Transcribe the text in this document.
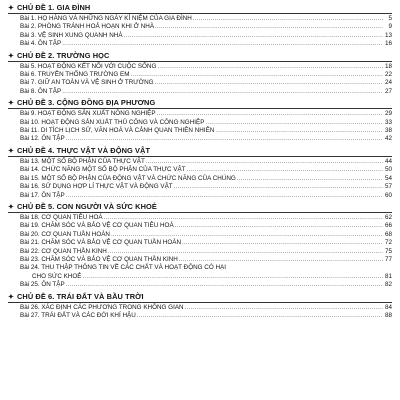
✦ CHỦ ĐỀ 1. GIA ĐÌNH
Bài 1. HỌ HÀNG VÀ NHỮNG NGÀY KỈ NIỆM CỦA GIA ĐÌNH .....	5
Bài 2. PHÒNG TRÁNH HOẢ HOẠN KHI Ở NHÀ .....	9
Bài 3. VỆ SINH XUNG QUANH NHÀ .....	13
Bài 4. ÔN TẬP .....	16
✦ CHỦ ĐỀ 2. TRƯỜNG HỌC
Bài 5. HOẠT ĐỘNG KẾT NỐI VỚI CUỘC SỐNG .....	18
Bài 6. TRUYỀN THỐNG TRƯỜNG EM .....	22
Bài 7. GIỮ AN TOÀN VÀ VỆ SINH Ở TRƯỜNG .....	24
Bài 8. ÔN TẬP .....	27
✦ CHỦ ĐỀ 3. CỘNG ĐỒNG ĐỊA PHƯƠNG
Bài 9. HOẠT ĐỘNG SẢN XUẤT NÔNG NGHIỆP .....	29
Bài 10. HOẠT ĐỘNG SẢN XUẤT THỦ CÔNG VÀ CÔNG NGHIỆP .....	33
Bài 11. DI TÍCH LỊCH SỬ, VĂN HOÁ VÀ CẢNH QUAN THIÊN NHIÊN .....	38
Bài 12. ÔN TẬP .....	42
✦ CHỦ ĐỀ 4. THỰC VẬT VÀ ĐỘNG VẬT
Bài 13. MỘT SỐ BỘ PHẬN CỦA THỰC VẬT .....	44
Bài 14. CHỨC NĂNG MỘT SỐ BỘ PHẬN CỦA THỰC VẬT .....	50
Bài 15. MỘT SỐ BỘ PHẬN CỦA ĐỘNG VẬT VÀ CHỨC NĂNG CỦA CHÚNG .....	54
Bài 16. SỬ DỤNG HỢP LÍ THỰC VẬT VÀ ĐỘNG VẬT .....	57
Bài 17. ÔN TẬP .....	60
✦ CHỦ ĐỀ 5. CON NGƯỜI VÀ SỨC KHOẺ
Bài 18. CƠ QUAN TIÊU HOÁ .....	62
Bài 19. CHĂM SÓC VÀ BẢO VỆ CƠ QUAN TIÊU HOÁ .....	66
Bài 20. CƠ QUAN TUẦN HOÀN .....	68
Bài 21. CHĂM SÓC VÀ BẢO VỆ CƠ QUAN TUẦN HOÀN .....	72
Bài 22. CƠ QUAN THẦN KINH .....	75
Bài 23. CHĂM SÓC VÀ BẢO VỆ CƠ QUAN THẦN KINH .....	77
Bài 24. THU THẬP THÔNG TIN VỀ CÁC CHẤT VÀ HOẠT ĐỘNG CÓ HẠI
CHO SỨC KHOẺ .....	81
Bài 25. ÔN TẬP .....	82
✦ CHỦ ĐỀ 6. TRÁI ĐẤT VÀ BẦU TRỜI
Bài 26. XÁC ĐỊNH CÁC PHƯƠNG TRONG KHÔNG GIAN .....	84
Bài 27. TRÁI ĐẤT VÀ CÁC ĐỚI KHÍ HẬU .....	88
